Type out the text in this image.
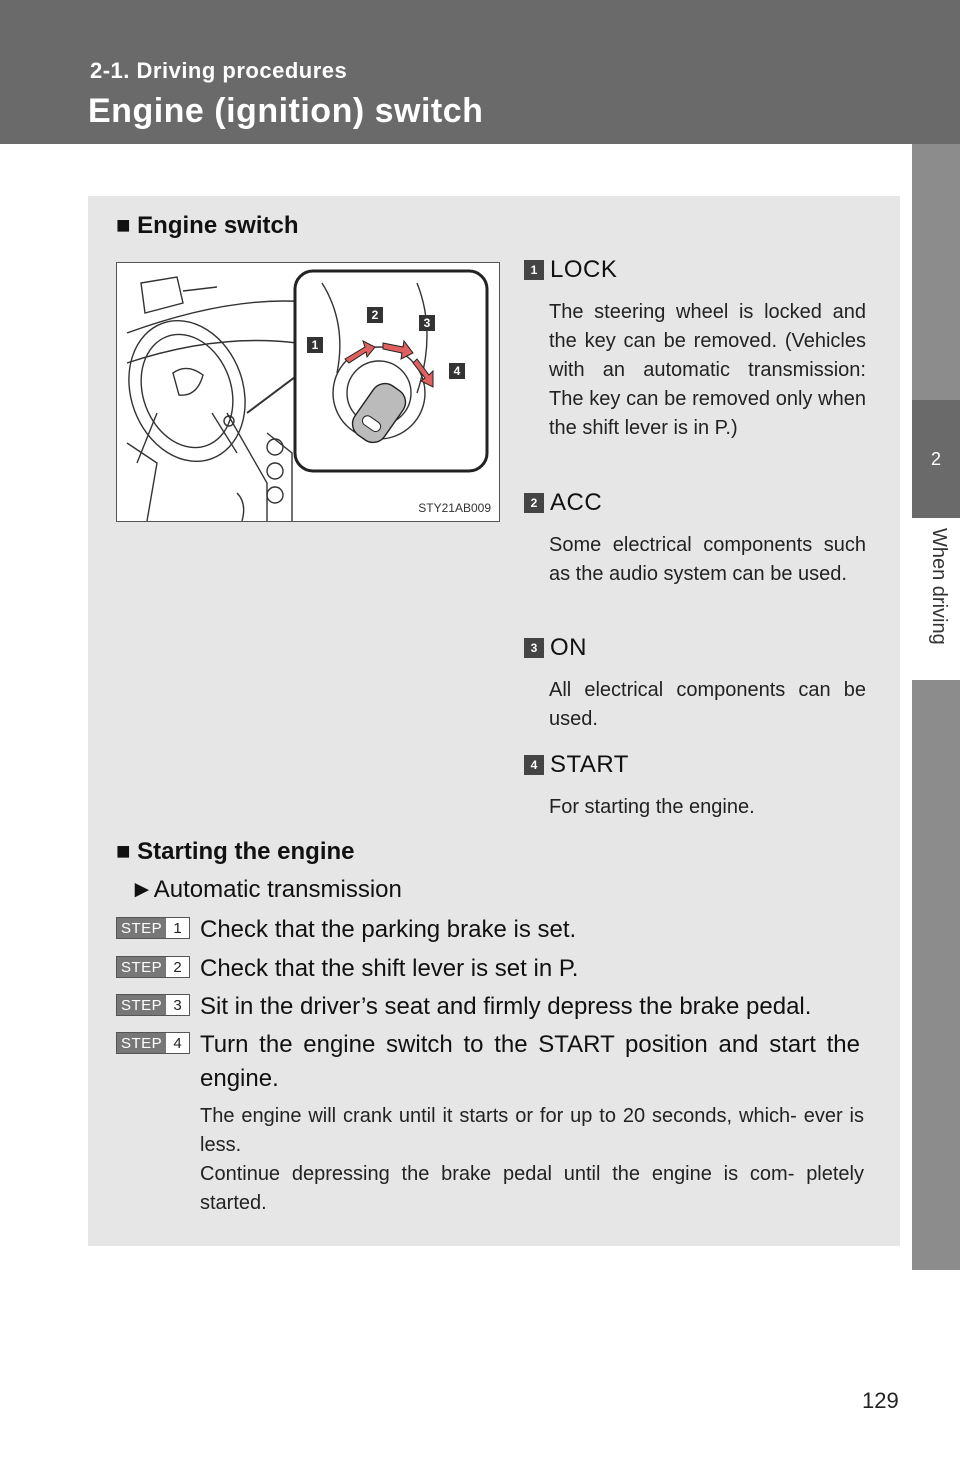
2-1. Driving procedures
Engine (ignition) switch
2
When driving
■ Engine switch
1
2
3
4
STY21AB009
1 LOCK
The steering wheel is locked and the key can be removed. (Vehicles with an automatic transmission: The key can be removed only when the shift lever is in P.)
2 ACC
Some electrical components such as the audio system can be used.
3 ON
All electrical components can be used.
4 START
For starting the engine.
■ Starting the engine
►Automatic transmission
STEP 1 Check that the parking brake is set.
STEP 2 Check that the shift lever is set in P.
STEP 3 Sit in the driver’s seat and firmly depress the brake pedal.
STEP 4 Turn the engine switch to the START position and start the engine.
The engine will crank until it starts or for up to 20 seconds, which- ever is less.
Continue depressing the brake pedal until the engine is com- pletely started.
129
